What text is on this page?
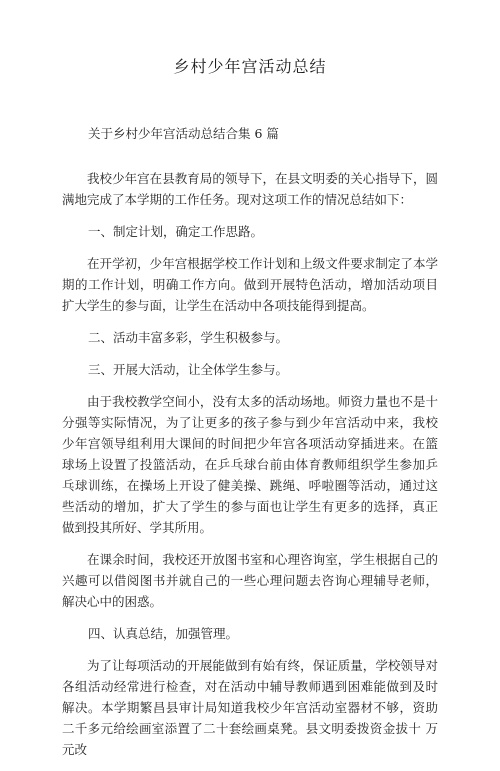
乡村少年宫活动总结
关于乡村少年宫活动总结合集 6 篇

我校少年宫在县教育局的领导下，在县文明委的关心指导下，圆满地完成了本学期的工作任务。现对这项工作的情况总结如下：

一、制定计划，确定工作思路。

在开学初，少年宫根据学校工作计划和上级文件要求制定了本学期的工作计划，明确工作方向。做到开展特色活动，增加活动项目 扩大学生的参与面，让学生在活动中各项技能得到提高。

二、活动丰富多彩，学生积极参与。

三、开展大活动，让全体学生参与。

由于我校教学空间小，没有太多的活动场地。师资力量也不是十分强等实际情况，为了让更多的孩子参与到少年宫活动中来，我校 少年宫领导组利用大课间的时间把少年宫各项活动穿插进来。在篮 球场上设置了投篮活动，在乒乓球台前由体育教师组织学生参加乒 乓球训练，在操场上开设了健美操、跳绳、呼啦圈等活动，通过这 些活动的增加，扩大了学生的参与面也让学生有更多的选择，真正 做到投其所好、学其所用。

在课余时间，我校还开放图书室和心理咨询室，学生根据自己的兴趣可以借阅图书并就自己的一些心理问题去咨询心理辅导老师， 解决心中的困惑。

四、认真总结，加强管理。

为了让每项活动的开展能做到有始有终，保证质量，学校领导对各组活动经常进行检查，对在活动中辅导教师遇到困难能做到及时 解决。本学期繁昌县审计局知道我校少年宫活动室器材不够，资助 二千多元给绘画室添置了二十套绘画桌凳。县文明委拨资金拔十 万元改
